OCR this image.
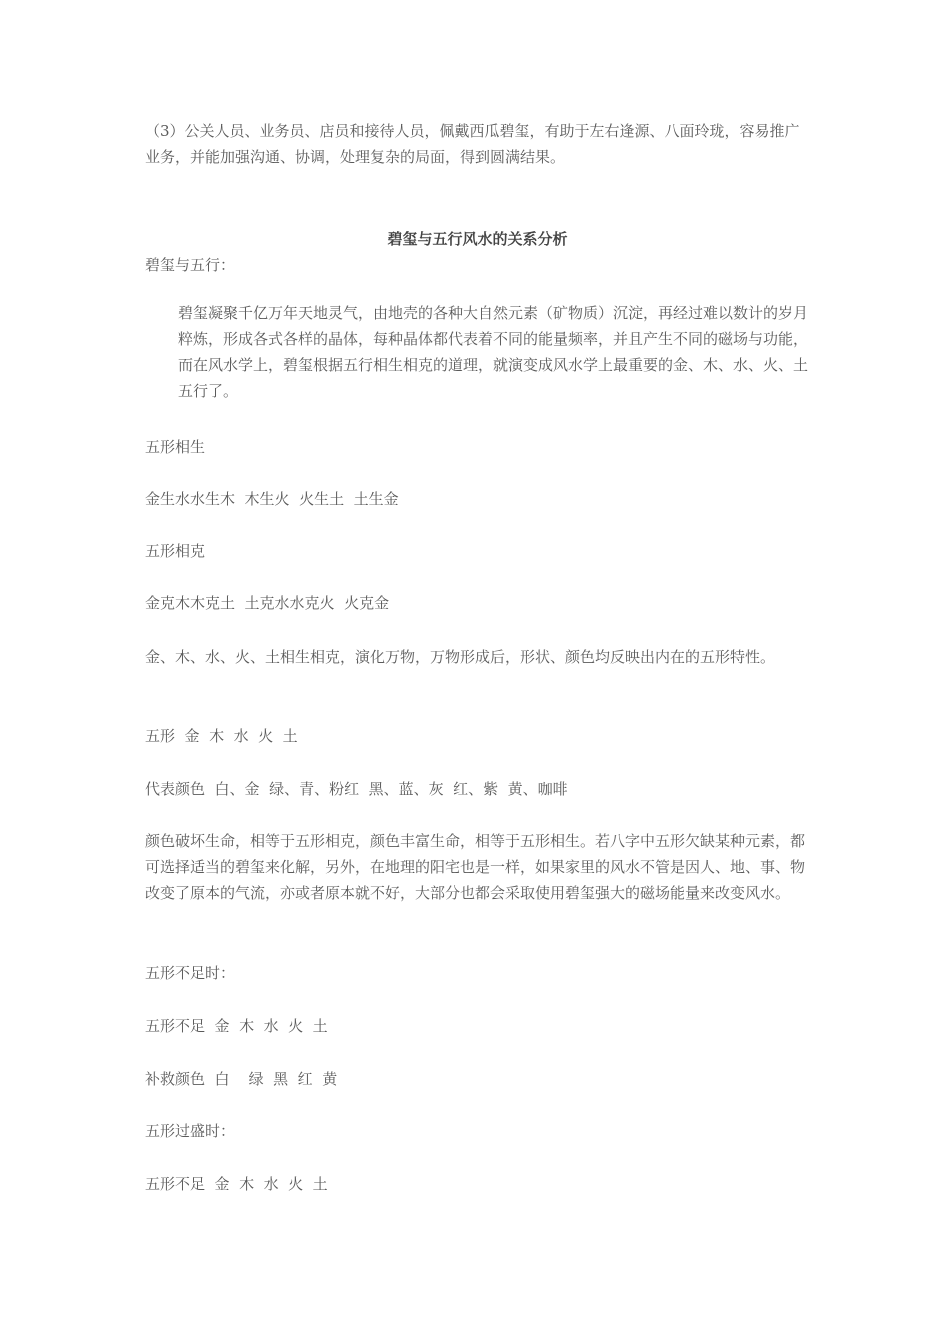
（3）公关人员、业务员、店员和接待人员，佩戴西瓜碧玺，有助于左右逢源、八面玲珑，容易推广业务，并能加强沟通、协调，处理复杂的局面，得到圆满结果。

碧玺与五行风水的关系分析

碧玺与五行：

碧玺凝聚千亿万年天地灵气，由地壳的各种大自然元素（矿物质）沉淀，再经过难以数计的岁月粹炼，形成各式各样的晶体，每种晶体都代表着不同的能量频率，并且产生不同的磁场与功能，而在风水学上，碧玺根据五行相生相克的道理，就演变成风水学上最重要的金、木、水、火、土五行了。

五形相生

金生水水生木  木生火  火生土  土生金

五形相克

金克木木克土  土克水水克火  火克金

金、木、水、火、土相生相克，演化万物，万物形成后，形状、颜色均反映出内在的五形特性。

五形  金  木  水  火  土

代表颜色  白、金  绿、青、粉红  黑、蓝、灰  红、紫  黄、咖啡

颜色破坏生命，相等于五形相克，颜色丰富生命，相等于五形相生。若八字中五形欠缺某种元素，都可选择适当的碧玺来化解，另外，在地理的阳宅也是一样，如果家里的风水不管是因人、地、事、物改变了原本的气流，亦或者原本就不好，大部分也都会采取使用碧玺强大的磁场能量来改变风水。

五形不足时：

五形不足  金  木  水  火  土

补救颜色  白    绿  黑  红  黄

五形过盛时：

五形不足  金  木  水  火  土
